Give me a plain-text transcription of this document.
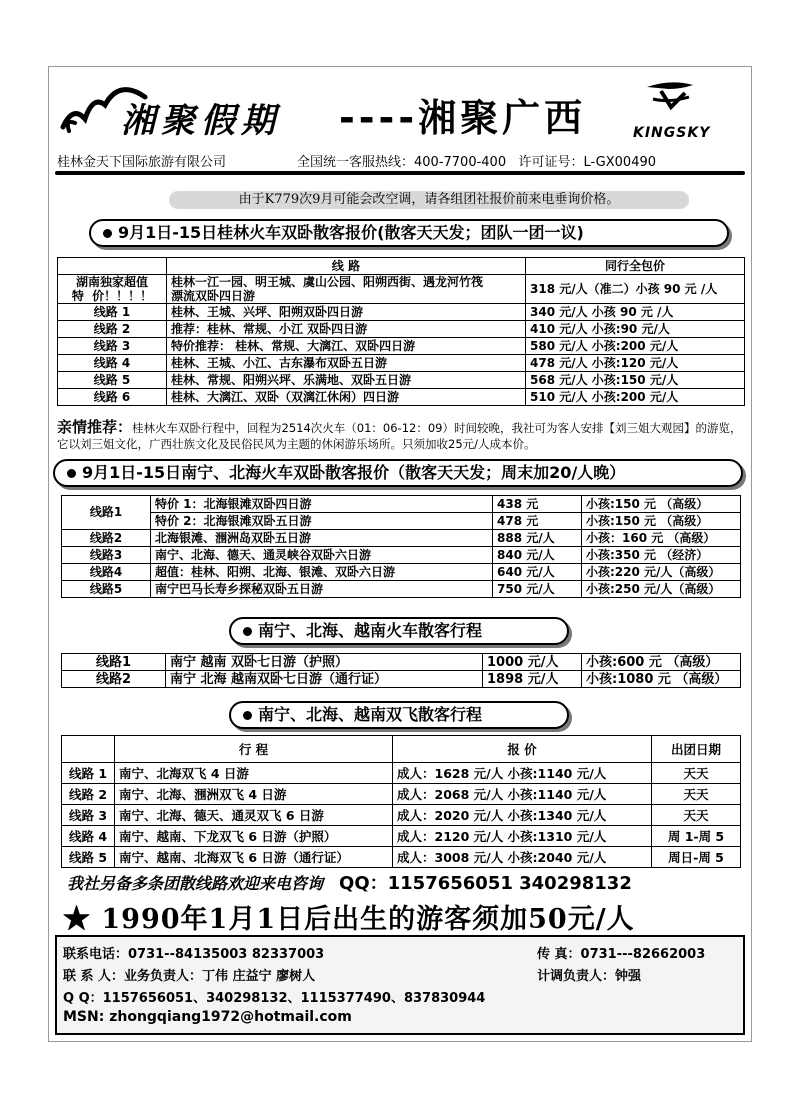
湘聚假期 ----湘聚广西	KINGSKY
桂林金天下国际旅游有限公司	全国统一客服热线：400-7700-400 许可证号：L-GX00490
由于K779次9月可能会改空调，请各组团社报价前来电垂询价格。
9月1日-15日桂林火车双卧散客报价(散客天天发；团队一团一议)
	线 路	同行全包价
湖南独家超值
特  价！！！！	桂林一江一园、明王城、虞山公园、阳朔西街、遇龙河竹筏
漂流双卧四日游	318 元/人（准二）小孩 90 元 /人
线路 1	桂林、王城、兴坪、阳朔双卧四日游	340 元/人 小孩 90 元 /人
线路 2	推荐：桂林、常规、小江 双卧四日游	410 元/人 小孩:90 元/人
线路 3	特价推荐： 桂林、常规、大漓江、双卧四日游	580 元/人 小孩:200 元/人
线路 4	桂林、王城、小江、古东瀑布双卧五日游	478 元/人 小孩:120 元/人
线路 5	桂林、常规、阳朔兴坪、乐满地、双卧五日游	568 元/人 小孩:150 元/人
线路 6	桂林、大漓江、双卧（双漓江休闲）四日游	510 元/人 小孩:200 元/人
亲情推荐：桂林火车双卧行程中，回程为2514次火车（01：06-12：09）时间较晚，我社可为客人安排【刘三姐大观园】的游览，它以刘三姐文化，广西壮族文化及民俗民风为主题的休闲游乐场所。只须加收25元/人成本价。
9月1日-15日南宁、北海火车双卧散客报价（散客天天发；周末加20/人晚）
线路1	特价 1：北海银滩双卧四日游	438 元	小孩:150 元 （高级）
	特价 2：北海银滩双卧五日游	478 元	小孩:150 元 （高级）
线路2	北海银滩、涠洲岛双卧五日游	888 元/人	小孩：160 元 （高级）
线路3	南宁、北海、德天、通灵峡谷双卧六日游	840 元/人	小孩:350 元 （经济）
线路4	超值：桂林、阳朔、北海、银滩、双卧六日游	640 元/人	小孩:220 元/人（高级）
线路5	南宁巴马长寿乡探秘双卧五日游	750 元/人	小孩:250 元/人（高级）
南宁、北海、越南火车散客行程
线路1	南宁 越南 双卧七日游（护照）	1000 元/人	小孩:600 元 （高级）
线路2	南宁 北海 越南双卧七日游（通行证）	1898 元/人	小孩:1080 元 （高级）
南宁、北海、越南双飞散客行程
	行 程	报 价	出团日期
线路 1	南宁、北海双飞 4 日游	成人：1628 元/人 小孩:1140 元/人	天天
线路 2	南宁、北海、涠洲双飞 4 日游	成人：2068 元/人 小孩:1140 元/人	天天
线路 3	南宁、北海、德天、通灵双飞 6 日游	成人：2020 元/人 小孩:1340 元/人	天天
线路 4	南宁、越南、下龙双飞 6 日游（护照）	成人：2120 元/人 小孩:1310 元/人	周 1-周 5
线路 5	南宁、越南、北海双飞 6 日游（通行证）	成人：3008 元/人 小孩:2040 元/人	周日-周 5
我社另备多条团散线路欢迎来电咨询 QQ：1157656051 340298132
★ 1990年1月1日后出生的游客须加50元/人
联系电话：0731--84135003 82337003	传 真：0731---82662003
联 系 人：业务负责人：丁伟 庄益宁 廖树人	计调负责人：钟强
Q Q：1157656051、340298132、1115377490、837830944
MSN: zhongqiang1972@hotmail.com
